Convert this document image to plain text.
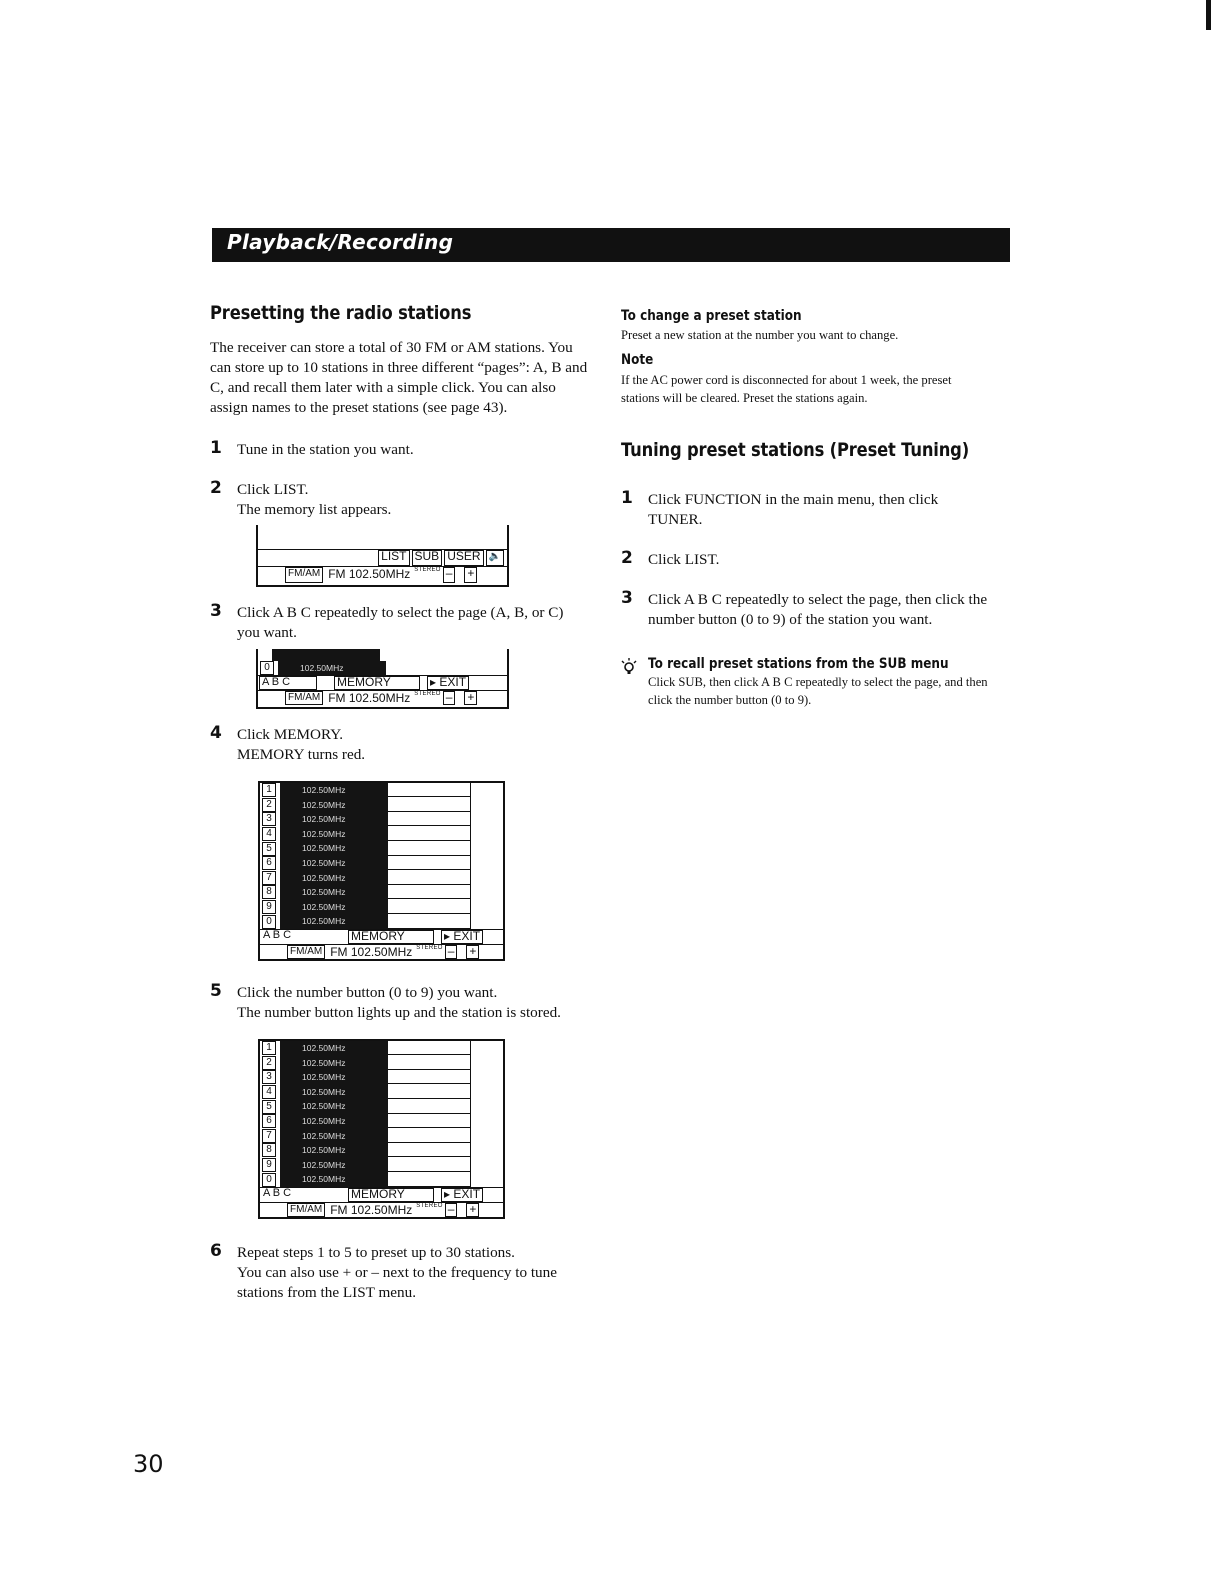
Playback/Recording
Presetting the radio stations

The receiver can store a total of 30 FM or AM stations. You can store up to 10 stations in three different “pages”: A, B and C, and recall them later with a simple click. You can also assign names to the preset stations (see page 43).

1 Tune in the station you want.

2 Click LIST.

The memory list appears.

LIST SUB USER 🔈
FM/AM FM 102.50MHz STEREO – +
3 Click A B C repeatedly to select the page (A, B, or C) you want.

0	102.50MHz
A B C	MEMORY	▸ EXIT
FM/AM FM 102.50MHz STEREO – +
4 Click MEMORY.

MEMORY turns red.

1	102.50MHz
2	102.50MHz
3	102.50MHz
4	102.50MHz
5	102.50MHz
6	102.50MHz
7	102.50MHz
8	102.50MHz
9	102.50MHz
0	102.50MHz
A B C	MEMORY	▸ EXIT
FM/AM FM 102.50MHz STEREO – +
5 Click the number button (0 to 9) you want.

The number button lights up and the station is stored.

1	102.50MHz
2	102.50MHz
3	102.50MHz
4	102.50MHz
5	102.50MHz
6	102.50MHz
7	102.50MHz
8	102.50MHz
9	102.50MHz
0	102.50MHz
A B C	MEMORY	▸ EXIT
FM/AM FM 102.50MHz STEREO – +
6 Repeat steps 1 to 5 to preset up to 30 stations.

You can also use + or – next to the frequency to tune stations from the LIST menu.

To change a preset station

Preset a new station at the number you want to change.

Note

If the AC power cord is disconnected for about 1 week, the preset stations will be cleared. Preset the stations again.

Tuning preset stations (Preset Tuning)
1 Click FUNCTION in the main menu, then click TUNER.

2 Click LIST.

3 Click A B C repeatedly to select the page, then click the number button (0 to 9) of the station you want.

To recall preset stations from the SUB menu

Click SUB, then click A B C repeatedly to select the page, and then click the number button (0 to 9).

30
